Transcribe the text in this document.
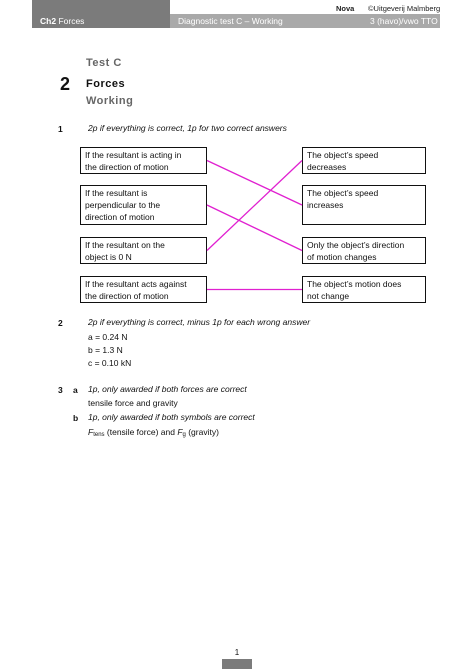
Nova ©Uitgeverij Malmberg
Ch2 Forces	Diagnostic test C – Working	3 (havo)/vwo TTO
Test C
2 Forces
Working
1	2p if everything is correct, 1p for two correct answers
If the resultant is acting in
the direction of motion
The object’s speed
decreases
If the resultant is
perpendicular to the
direction of motion
The object’s speed
increases
If the resultant on the
object is 0 N
Only the object’s direction
of motion changes
If the resultant acts against
the direction of motion
The object’s motion does
not change
2	2p if everything is correct, minus 1p for each wrong answer
a = 0.24 N
b = 1.3 N
c = 0.10 kN
3 a 1p, only awarded if both forces are correct
tensile force and gravity
b 1p, only awarded if both symbols are correct
$F_{tens}$ (tensile force) and $F_g$ (gravity)
1
